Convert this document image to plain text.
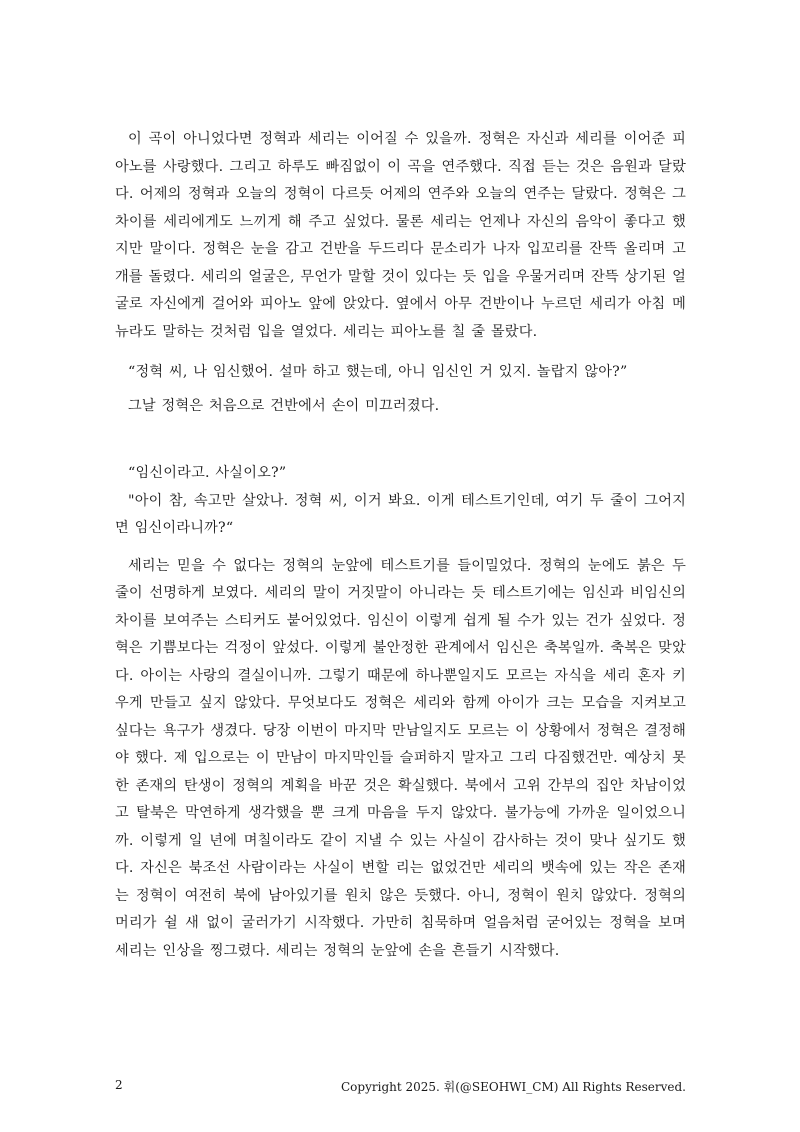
이 곡이 아니었다면 정혁과 세리는 이어질 수 있을까. 정혁은 자신과 세리를 이어준 피아노를 사랑했다. 그리고 하루도 빠짐없이 이 곡을 연주했다. 직접 듣는 것은 음원과 달랐다. 어제의 정혁과 오늘의 정혁이 다르듯 어제의 연주와 오늘의 연주는 달랐다. 정혁은 그 차이를 세리에게도 느끼게 해 주고 싶었다. 물론 세리는 언제나 자신의 음악이 좋다고 했지만 말이다. 정혁은 눈을 감고 건반을 두드리다 문소리가 나자 입꼬리를 잔뜩 올리며 고개를 돌렸다. 세리의 얼굴은, 무언가 말할 것이 있다는 듯 입을 우물거리며 잔뜩 상기된 얼굴로 자신에게 걸어와 피아노 앞에 앉았다. 옆에서 아무 건반이나 누르던 세리가 아침 메뉴라도 말하는 것처럼 입을 열었다. 세리는 피아노를 칠 줄 몰랐다.

“정혁 씨, 나 임신했어. 설마 하고 했는데, 아니 임신인 거 있지. 놀랍지 않아?”

그날 정혁은 처음으로 건반에서 손이 미끄러졌다.

“임신이라고. 사실이오?”

"아이 참, 속고만 살았나. 정혁 씨, 이거 봐요. 이게 테스트기인데, 여기 두 줄이 그어지면 임신이라니까?“

세리는 믿을 수 없다는 정혁의 눈앞에 테스트기를 들이밀었다. 정혁의 눈에도 붉은 두 줄이 선명하게 보였다. 세리의 말이 거짓말이 아니라는 듯 테스트기에는 임신과 비임신의 차이를 보여주는 스티커도 붙어있었다. 임신이 이렇게 쉽게 될 수가 있는 건가 싶었다. 정혁은 기쁨보다는 걱정이 앞섰다. 이렇게 불안정한 관계에서 임신은 축복일까. 축복은 맞았다. 아이는 사랑의 결실이니까. 그렇기 때문에 하나뿐일지도 모르는 자식을 세리 혼자 키우게 만들고 싶지 않았다. 무엇보다도 정혁은 세리와 함께 아이가 크는 모습을 지켜보고 싶다는 욕구가 생겼다. 당장 이번이 마지막 만남일지도 모르는 이 상황에서 정혁은 결정해야 했다. 제 입으로는 이 만남이 마지막인들 슬퍼하지 말자고 그리 다짐했건만. 예상치 못한 존재의 탄생이 정혁의 계획을 바꾼 것은 확실했다. 북에서 고위 간부의 집안 차남이었고 탈북은 막연하게 생각했을 뿐 크게 마음을 두지 않았다. 불가능에 가까운 일이었으니까. 이렇게 일 년에 며칠이라도 같이 지낼 수 있는 사실이 감사하는 것이 맞나 싶기도 했다. 자신은 북조선 사람이라는 사실이 변할 리는 없었건만 세리의 뱃속에 있는 작은 존재는 정혁이 여전히 북에 남아있기를 원치 않은 듯했다. 아니, 정혁이 원치 않았다. 정혁의 머리가 쉴 새 없이 굴러가기 시작했다. 가만히 침묵하며 얼음처럼 굳어있는 정혁을 보며 세리는 인상을 찡그렸다. 세리는 정혁의 눈앞에 손을 흔들기 시작했다.

2	Copyright 2025. 휘(@SEOHWI_CM) All Rights Reserved.
